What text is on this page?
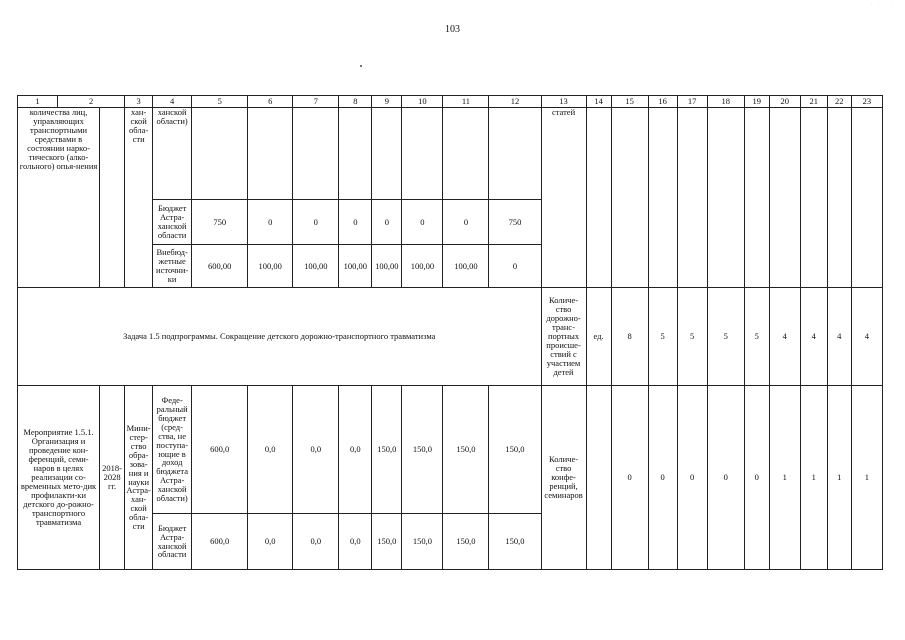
103
· · · ·
1	2		3	4	5	6	7	8	9	10	11	12	13	14	15	16	17	18	19	20	21	22	23
количества лиц, управляющих транспортными средствами в состоянии нарко-тического (алко-гольного) опья-нения			хан-ской обла-сти	ханской области)									статей										
				Бюджет Астра-ханской области	750	0	0	0	0	0	0	750											
				Внебюд-жетные источни-ки	600,00	100,00	100,00	100,00	100,00	100,00	100,00	0											
Задача 1.5 подпрограммы. Сокращение детского дорожно-транспортного травматизма													Количе-ство дорожно-транс-портных происше-ствий с участием детей	ед.	8	5	5	5	5	4	4	4	4
Мероприятие 1.5.1. Организация и проведение кон-ференций, семи-наров в целях реализации со-временных мето-дик профилакти-ки детского до-рожно-транспортного травматизма		2018-2028 гг.	Мини-стер-ство обра-зова-ния и науки Астра-хан-ской обла-сти	Феде-ральный бюджет (сред-ства, не поступа-ющие в доход бюджета Астра-ханской области)	600,0	0,0	0,0	0,0	150,0	150,0	150,0	150,0	Количе-ство конфе-ренций, семинаров		0	0	0	0	0	1	1	1	1
				Бюджет Астра-ханской области	600,0	0,0	0,0	0,0	150,0	150,0	150,0	150,0											
